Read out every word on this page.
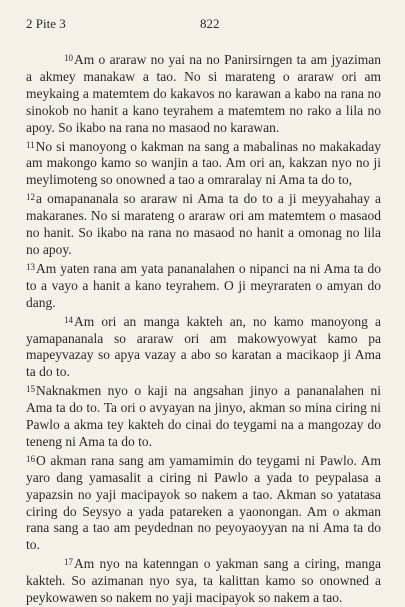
2 Pite 3	822

$^{10}$Am o araraw no yai na no Panirsirngen ta am jyaziman a akmey manakaw a tao. No si marateng o araraw ori am meykaing a matemtem do kakavos no karawan a kabo na rana no sinokob no hanit a kano teyrahem a matemtem no rako a lila no apoy. So ikabo na rana no masaod no karawan.

$^{11}$No si manoyong o kakman na sang a mabalinas no makakaday am makongo kamo so wanjin a tao. Am ori an, kakzan nyo no ji meylimoteng so onowned a tao a omraralay ni Ama ta do to,

$^{12}$a omapananala so araraw ni Ama ta do to a ji meyyahahay a makaranes. No si marateng o araraw ori am matemtem o masaod no hanit. So ikabo na rana no masaod no hanit a omonag no lila no apoy.

$^{13}$Am yaten rana am yata pananalahen o nipanci na ni Ama ta do to a vayo a hanit a kano teyrahem. O ji meyraraten o amyan do dang.

$^{14}$Am ori an manga kakteh an, no kamo manoyong a yamapananala so araraw ori am makowyowyat kamo pa mapeyvazay so apya vazay a abo so karatan a macikaop ji Ama ta do to.

$^{15}$Naknakmen nyo o kaji na angsahan jinyo a pananalahen ni Ama ta do to. Ta ori o avyayan na jinyo, akman so mina ciring ni Pawlo a akma tey kakteh do cinai do teygami na a mangozay do teneng ni Ama ta do to.

$^{16}$O akman rana sang am yamamimin do teygami ni Pawlo. Am yaro dang yamasalit a ciring ni Pawlo a yada to peypalasa a yapazsin no yaji macipayok so nakem a tao. Akman so yatatasa ciring do Seysyo a yada patareken a yaonongan. Am o akman rana sang a tao am peydednan no peyoyaoyyan na ni Ama ta do to.

$^{17}$Am nyo na katenngan o yakman sang a ciring, manga kakteh. So azimanan nyo sya, ta kalittan kamo so onowned a peykowawen so nakem no yaji macipayok so nakem a tao.
